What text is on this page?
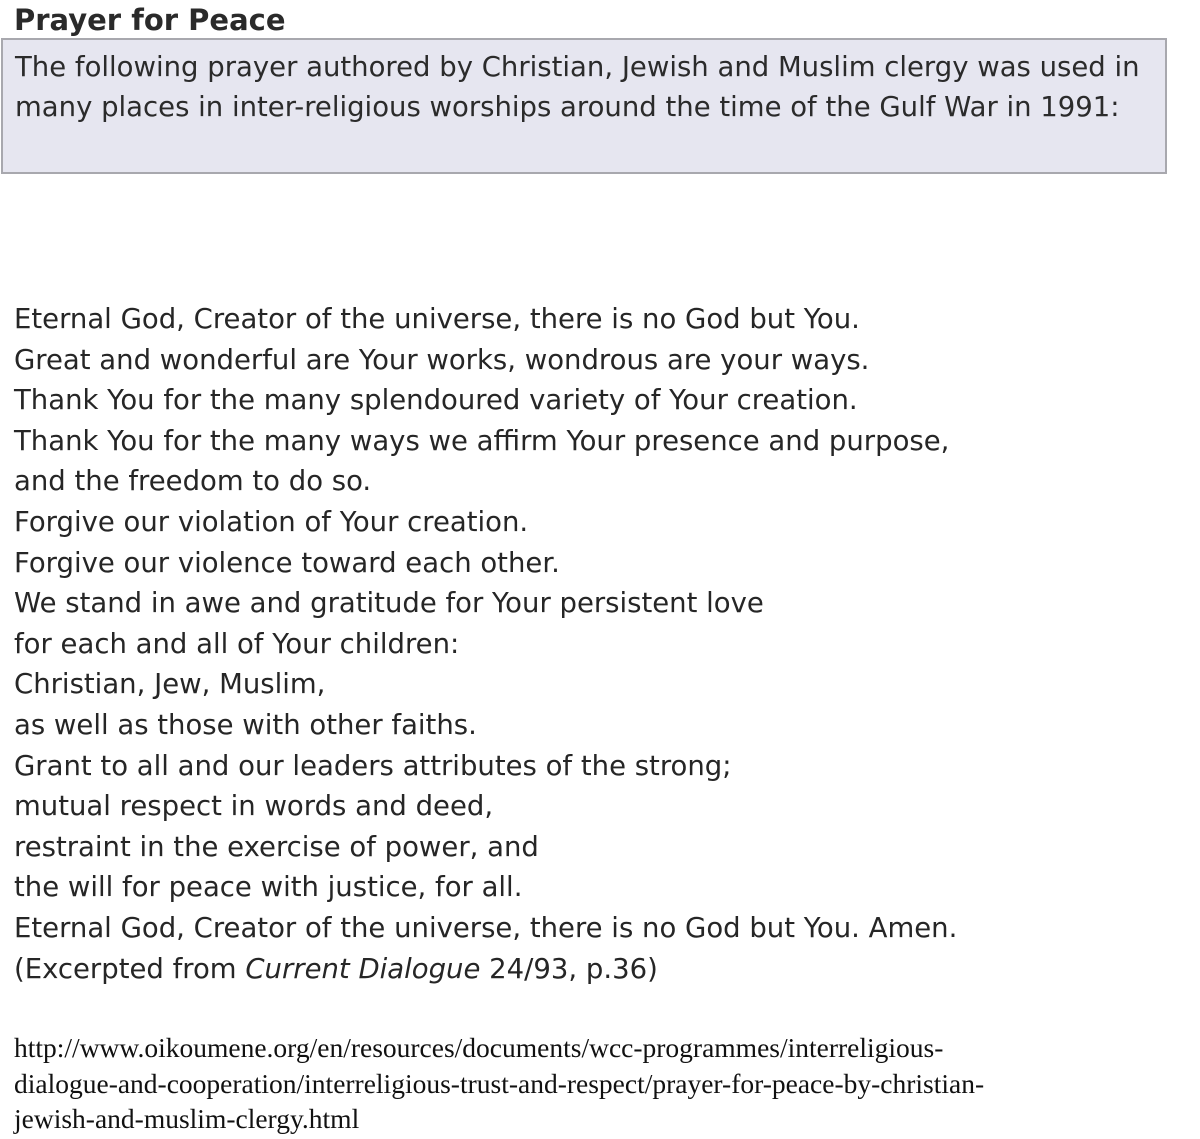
Prayer for Peace

The following prayer authored by Christian, Jewish and Muslim clergy was used in many places in inter-religious worships around the time of the Gulf War in 1991:

Eternal God, Creator of the universe, there is no God but You.
Great and wonderful are Your works, wondrous are your ways.
Thank You for the many splendoured variety of Your creation.
Thank You for the many ways we affirm Your presence and purpose,
and the freedom to do so.
Forgive our violation of Your creation.
Forgive our violence toward each other.
We stand in awe and gratitude for Your persistent love
for each and all of Your children:
Christian, Jew, Muslim,
as well as those with other faiths.
Grant to all and our leaders attributes of the strong;
mutual respect in words and deed,
restraint in the exercise of power, and
the will for peace with justice, for all.
Eternal God, Creator of the universe, there is no God but You. Amen.
(Excerpted from Current Dialogue 24/93, p.36)
http://www.oikoumene.org/en/resources/documents/wcc-programmes/interreligious-
dialogue-and-cooperation/interreligious-trust-and-respect/prayer-for-peace-by-christian-
jewish-and-muslim-clergy.html
